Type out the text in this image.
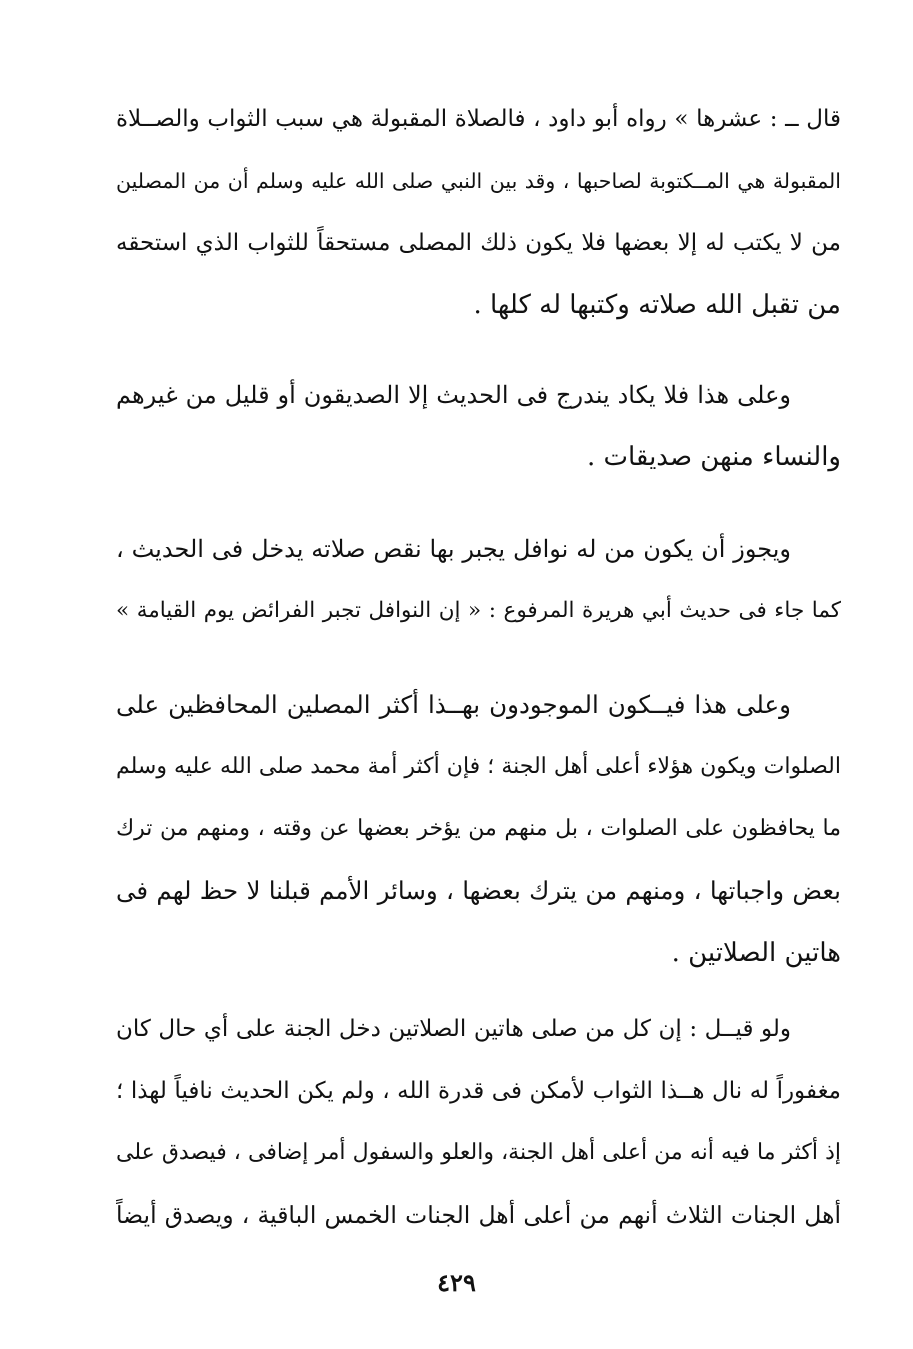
قال ــ : عشرها » رواه أبو داود ، فالصلاة المقبولة هي سبب الثواب والصــلاة
المقبولة هي المــكتوبة لصاحبها ، وقد بين النبي صلى الله عليه وسلم أن من المصلين
من لا يكتب له إلا بعضها فلا يكون ذلك المصلى مستحقاً للثواب الذي استحقه
من تقبل الله صلاته وكتبها له كلها .
وعلى هذا فلا يكاد يندرج فى الحديث إلا الصديقون أو قليل من غيرهم
والنساء منهن صديقات .
ويجوز أن يكون من له نوافل يجبر بها نقص صلاته يدخل فى الحديث ،
كما جاء فى حديث أبي هريرة المرفوع : « إن النوافل تجبر الفرائض يوم القيامة »
وعلى هذا فيــكون الموجودون بهــذا أكثر المصلين المحافظين على
الصلوات ويكون هؤلاء أعلى أهل الجنة ؛ فإن أكثر أمة محمد صلى الله عليه وسلم
ما يحافظون على الصلوات ، بل منهم من يؤخر بعضها عن وقته ، ومنهم من ترك
بعض واجباتها ، ومنهم من يترك بعضها ، وسائر الأمم قبلنا لا حظ لهم فى
هاتين الصلاتين .
ولو قيــل : إن كل من صلى هاتين الصلاتين دخل الجنة على أي حال كان
مغفوراً له نال هــذا الثواب لأمكن فى قدرة الله ، ولم يكن الحديث نافياً لهذا ؛
إذ أكثر ما فيه أنه من أعلى أهل الجنة، والعلو والسفول أمر إضافى ، فيصدق على
أهل الجنات الثلاث أنهم من أعلى أهل الجنات الخمس الباقية ، ويصدق أيضاً
٤٢٩
